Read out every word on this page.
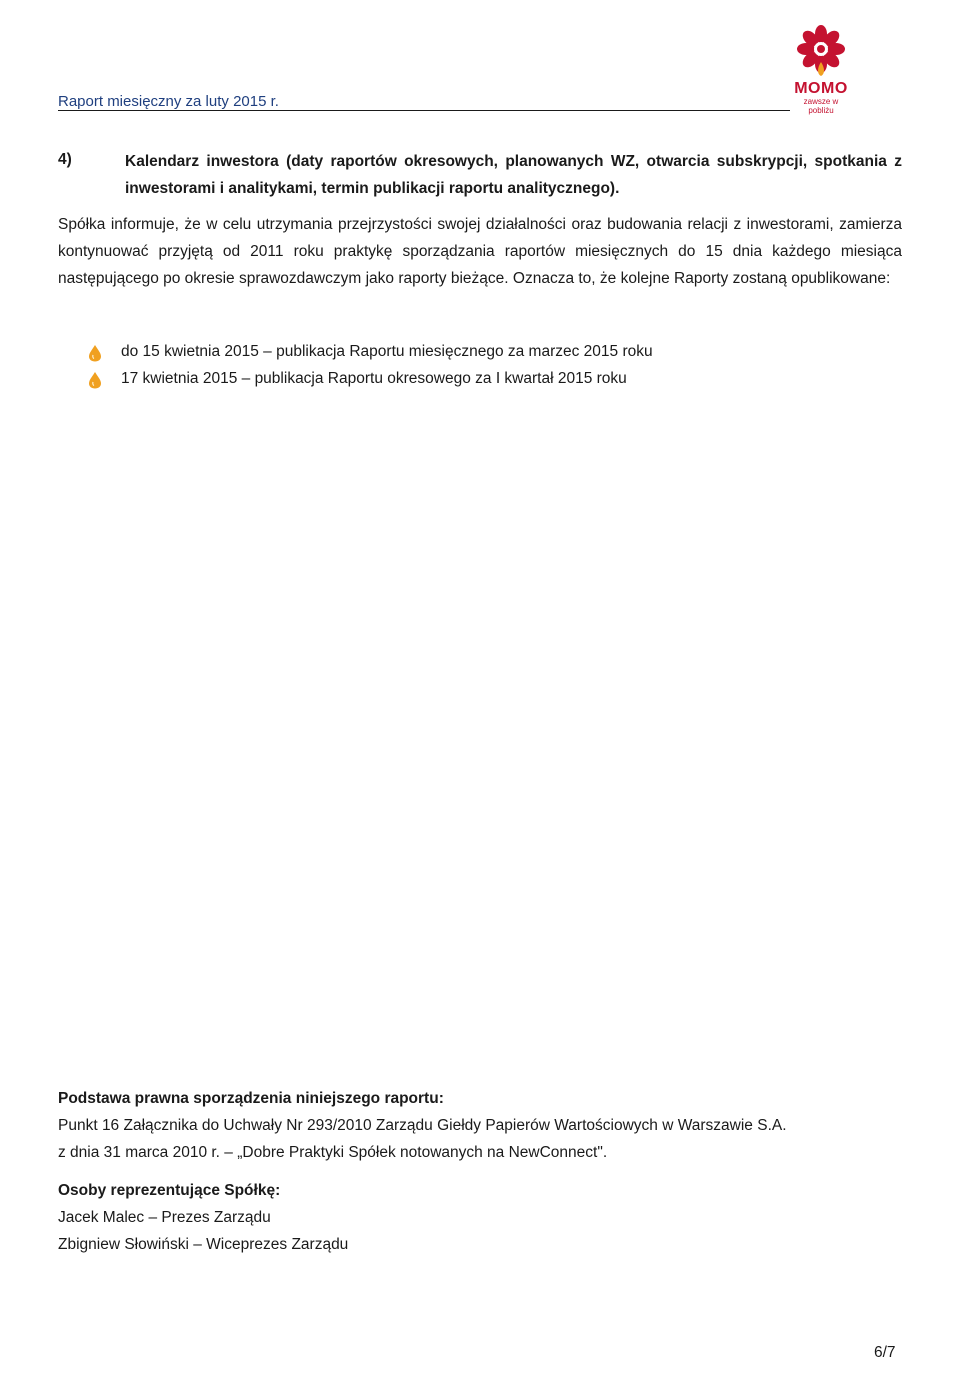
Raport miesięczny za luty 2015 r.
MOMO
zawsze w pobliżu
4)	Kalendarz inwestora (daty raportów okresowych, planowanych WZ, otwarcia subskrypcji, spotkania z inwestorami i analitykami, termin publikacji raportu analitycznego).
Spółka informuje, że w celu utrzymania przejrzystości swojej działalności oraz budowania relacji z inwestorami, zamierza kontynuować przyjętą od 2011 roku praktykę sporządzania raportów miesięcznych do 15 dnia każdego miesiąca następującego po okresie sprawozdawczym jako raporty bieżące. Oznacza to, że kolejne Raporty zostaną opublikowane:
do 15 kwietnia 2015 – publikacja Raportu miesięcznego za marzec 2015 roku
17 kwietnia 2015 – publikacja Raportu okresowego za I kwartał 2015 roku
Podstawa prawna sporządzenia niniejszego raportu:
Punkt 16 Załącznika do Uchwały Nr 293/2010 Zarządu Giełdy Papierów Wartościowych w Warszawie S.A.
z dnia 31 marca 2010 r. – „Dobre Praktyki Spółek notowanych na NewConnect".
Osoby reprezentujące Spółkę:
Jacek Malec – Prezes Zarządu
Zbigniew Słowiński – Wiceprezes Zarządu
6/7
